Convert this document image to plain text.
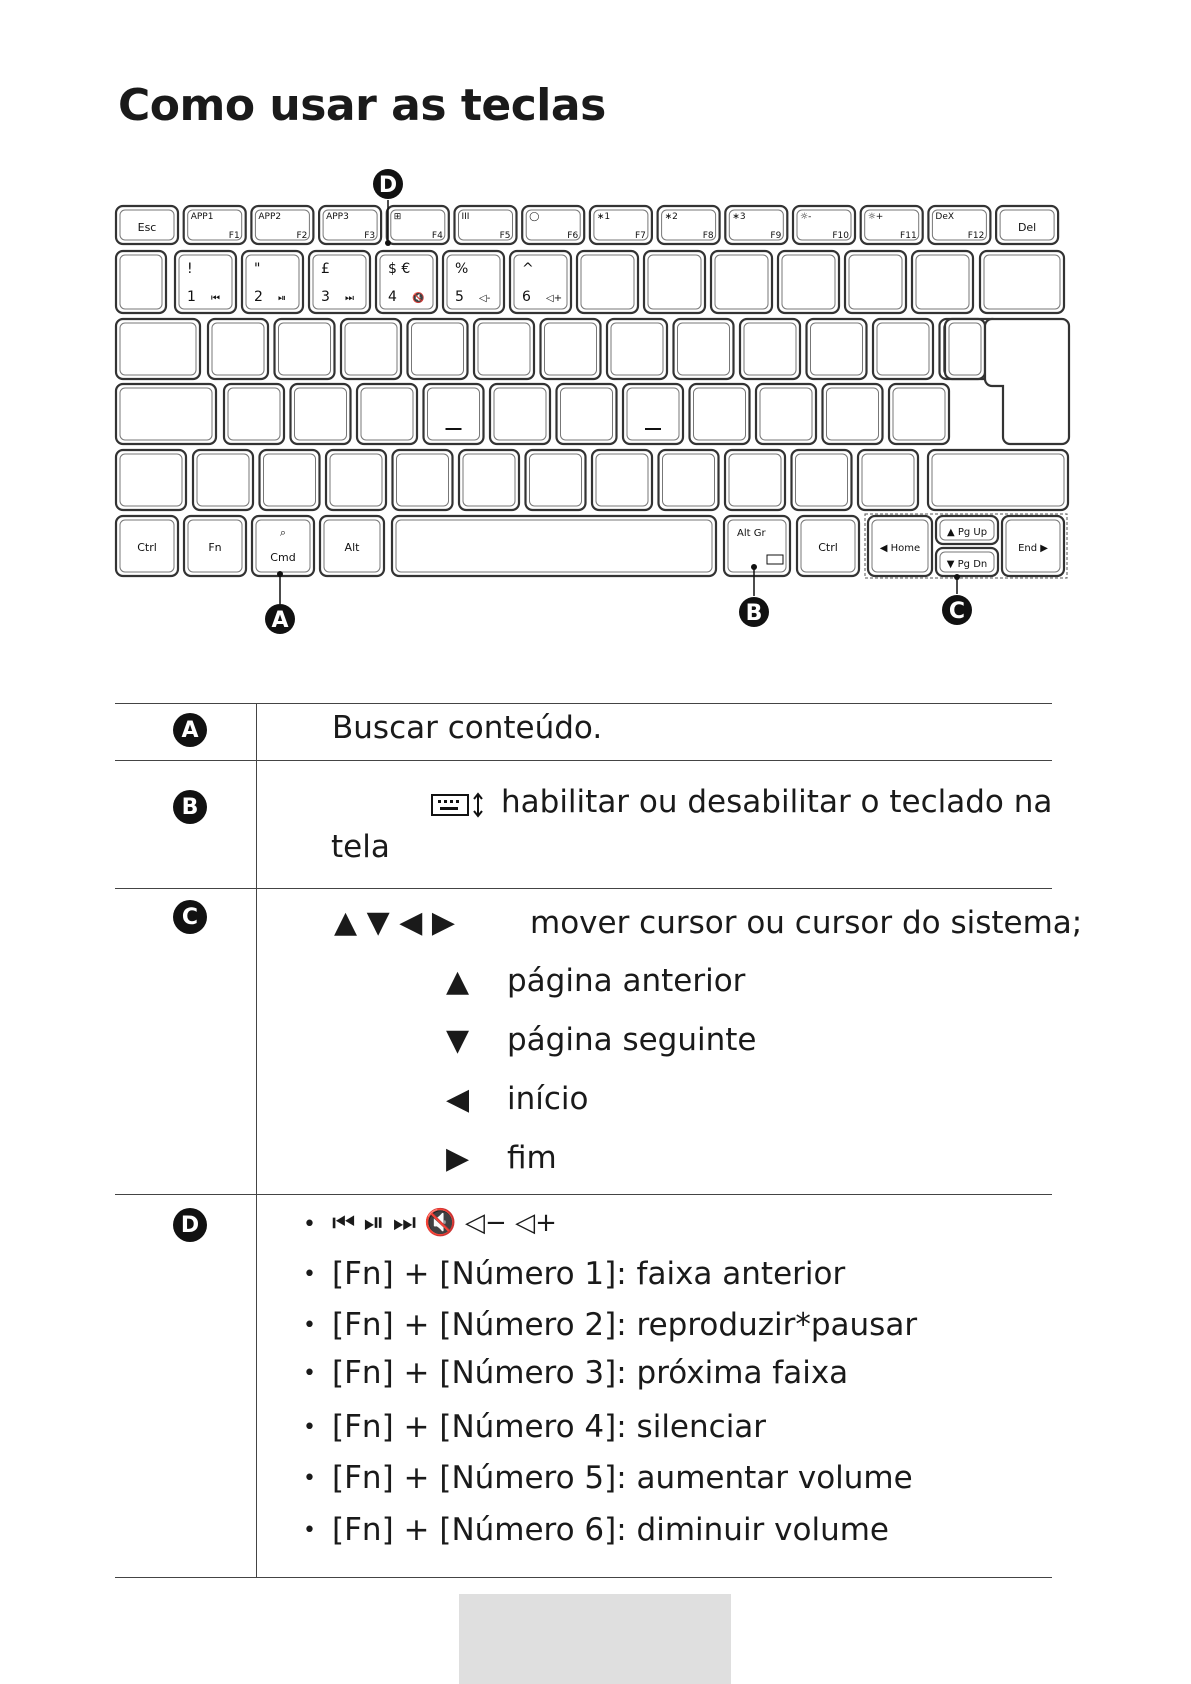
Como usar as teclas
Esc
APP1
F1
APP2
F2
APP3
F3
⊞
F4
III
F5
◯
F6
∗1
F7
∗2
F8
∗3
F9
☼-
F10
☼+
F11
DeX
F12
Del
!
1 ⏮
"
2 ⏯
£
3 ⏭
$ €
4 🔇
%
5 ◁-
^
6 ◁+
Ctrl	Fn
⌕
Cmd
Alt
Alt Gr
Ctrl	◀ Home
▲ Pg Up
▼ Pg Dn
End ▶
D
A	B	C
A	Buscar conteúdo.
B	habilitar ou desabilitar o teclado na
tela
C	▲ ▼ ◀ ▶ mover cursor ou cursor do sistema;
▲ página anterior
▼ página seguinte
◀ início
▶ fim
D	• ⏮ ⏯ ⏭ 🔇 ◁− ◁+
• [Fn] + [Número 1]: faixa anterior
• [Fn] + [Número 2]: reproduzir*pausar
• [Fn] + [Número 3]: próxima faixa
• [Fn] + [Número 4]: silenciar
• [Fn] + [Número 5]: aumentar volume
• [Fn] + [Número 6]: diminuir volume
